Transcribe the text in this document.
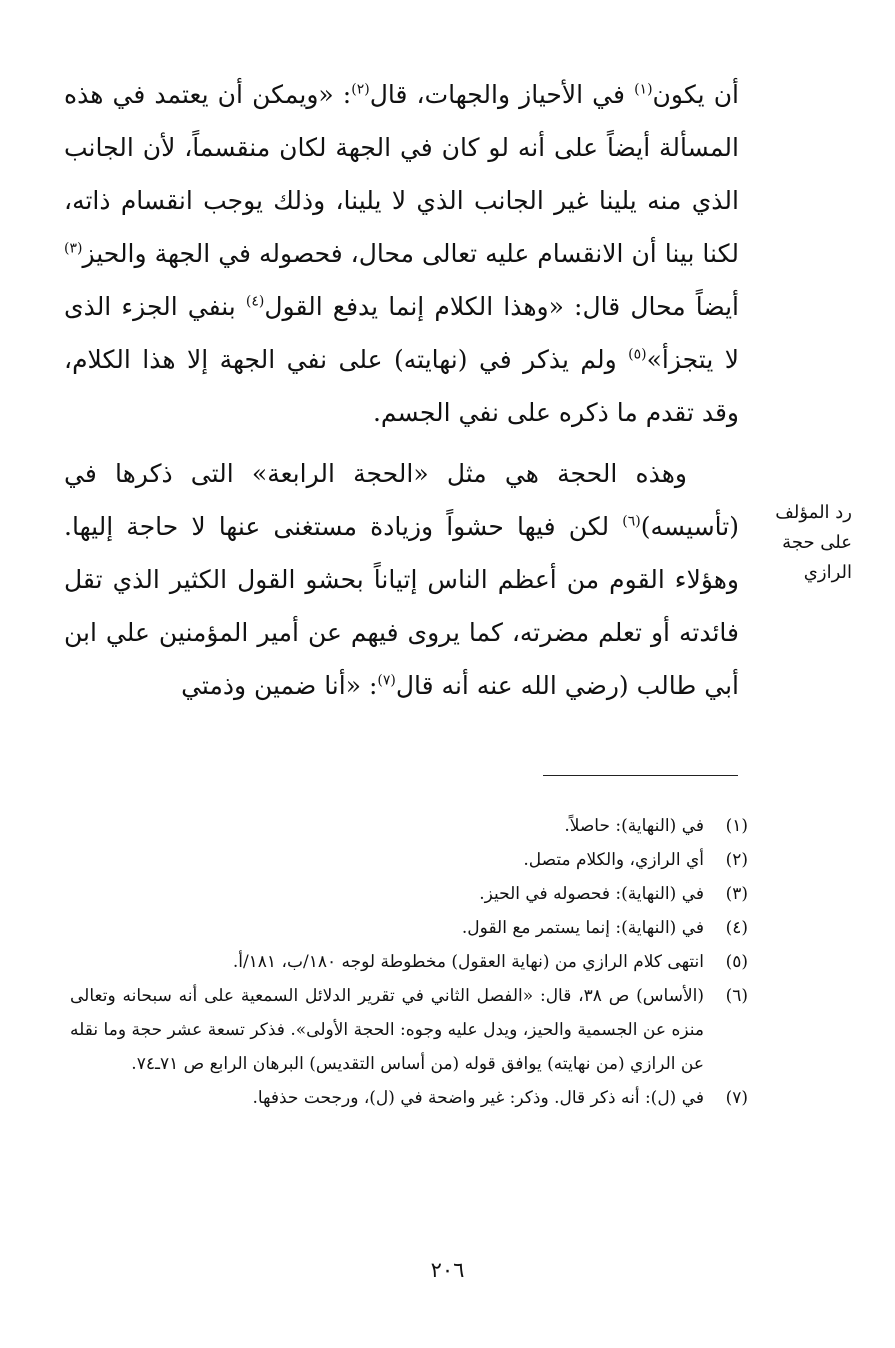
أن يكون$^{(١)}$ في الأحياز والجهات، قال$^{(٢)}$: «ويمكن أن يعتمد في هذه المسألة أيضاً على أنه لو كان في الجهة لكان منقسماً، لأن الجانب الذي منه يلينا غير الجانب الذي لا يلينا، وذلك يوجب انقسام ذاته، لكنا بينا أن الانقسام عليه تعالى محال، فحصوله في الجهة والحيز$^{(٣)}$ أيضاً محال قال: «وهذا الكلام إنما يدفع القول$^{(٤)}$ بنفي الجزء الذى لا يتجزأ»$^{(٥)}$ ولم يذكر في (نهايته) على نفي الجهة إلا هذا الكلام، وقد تقدم ما ذكره على نفي الجسم.

وهذه الحجة هي مثل «الحجة الرابعة» التى ذكرها في (تأسيسه)$^{(٦)}$ لكن فيها حشواً وزيادة مستغنى عنها لا حاجة إليها. وهؤلاء القوم من أعظم الناس إتياناً بحشو القول الكثير الذي تقل فائدته أو تعلم مضرته، كما يروى فيهم عن أمير المؤمنين علي ابن أبي طالب (رضي الله عنه أنه قال$^{(٧)}$: «أنا ضمين وذمتي

رد المؤلف
على حجة
الرازي
(١)
في (النهاية): حاصلاً.
(٢)
أي الرازي، والكلام متصل.
(٣)
في (النهاية): فحصوله في الحيز.
(٤)
في (النهاية): إنما يستمر مع القول.
(٥)
انتهى كلام الرازي من (نهاية العقول) مخطوطة لوجه ١٨٠/ب، ١٨١/أ.
(٦)
(الأساس) ص ٣٨، قال: «الفصل الثاني في تقرير الدلائل السمعية على أنه سبحانه وتعالى منزه عن الجسمية والحيز، ويدل عليه وجوه: الحجة الأولى». فذكر تسعة عشر حجة وما نقله عن الرازي (من نهايته) يوافق قوله (من أساس التقديس) البرهان الرابع ص ٧١ـ٧٤.
(٧)
في (ل): أنه ذكر قال. وذكر: غير واضحة في (ل)، ورجحت حذفها.
٢٠٦
